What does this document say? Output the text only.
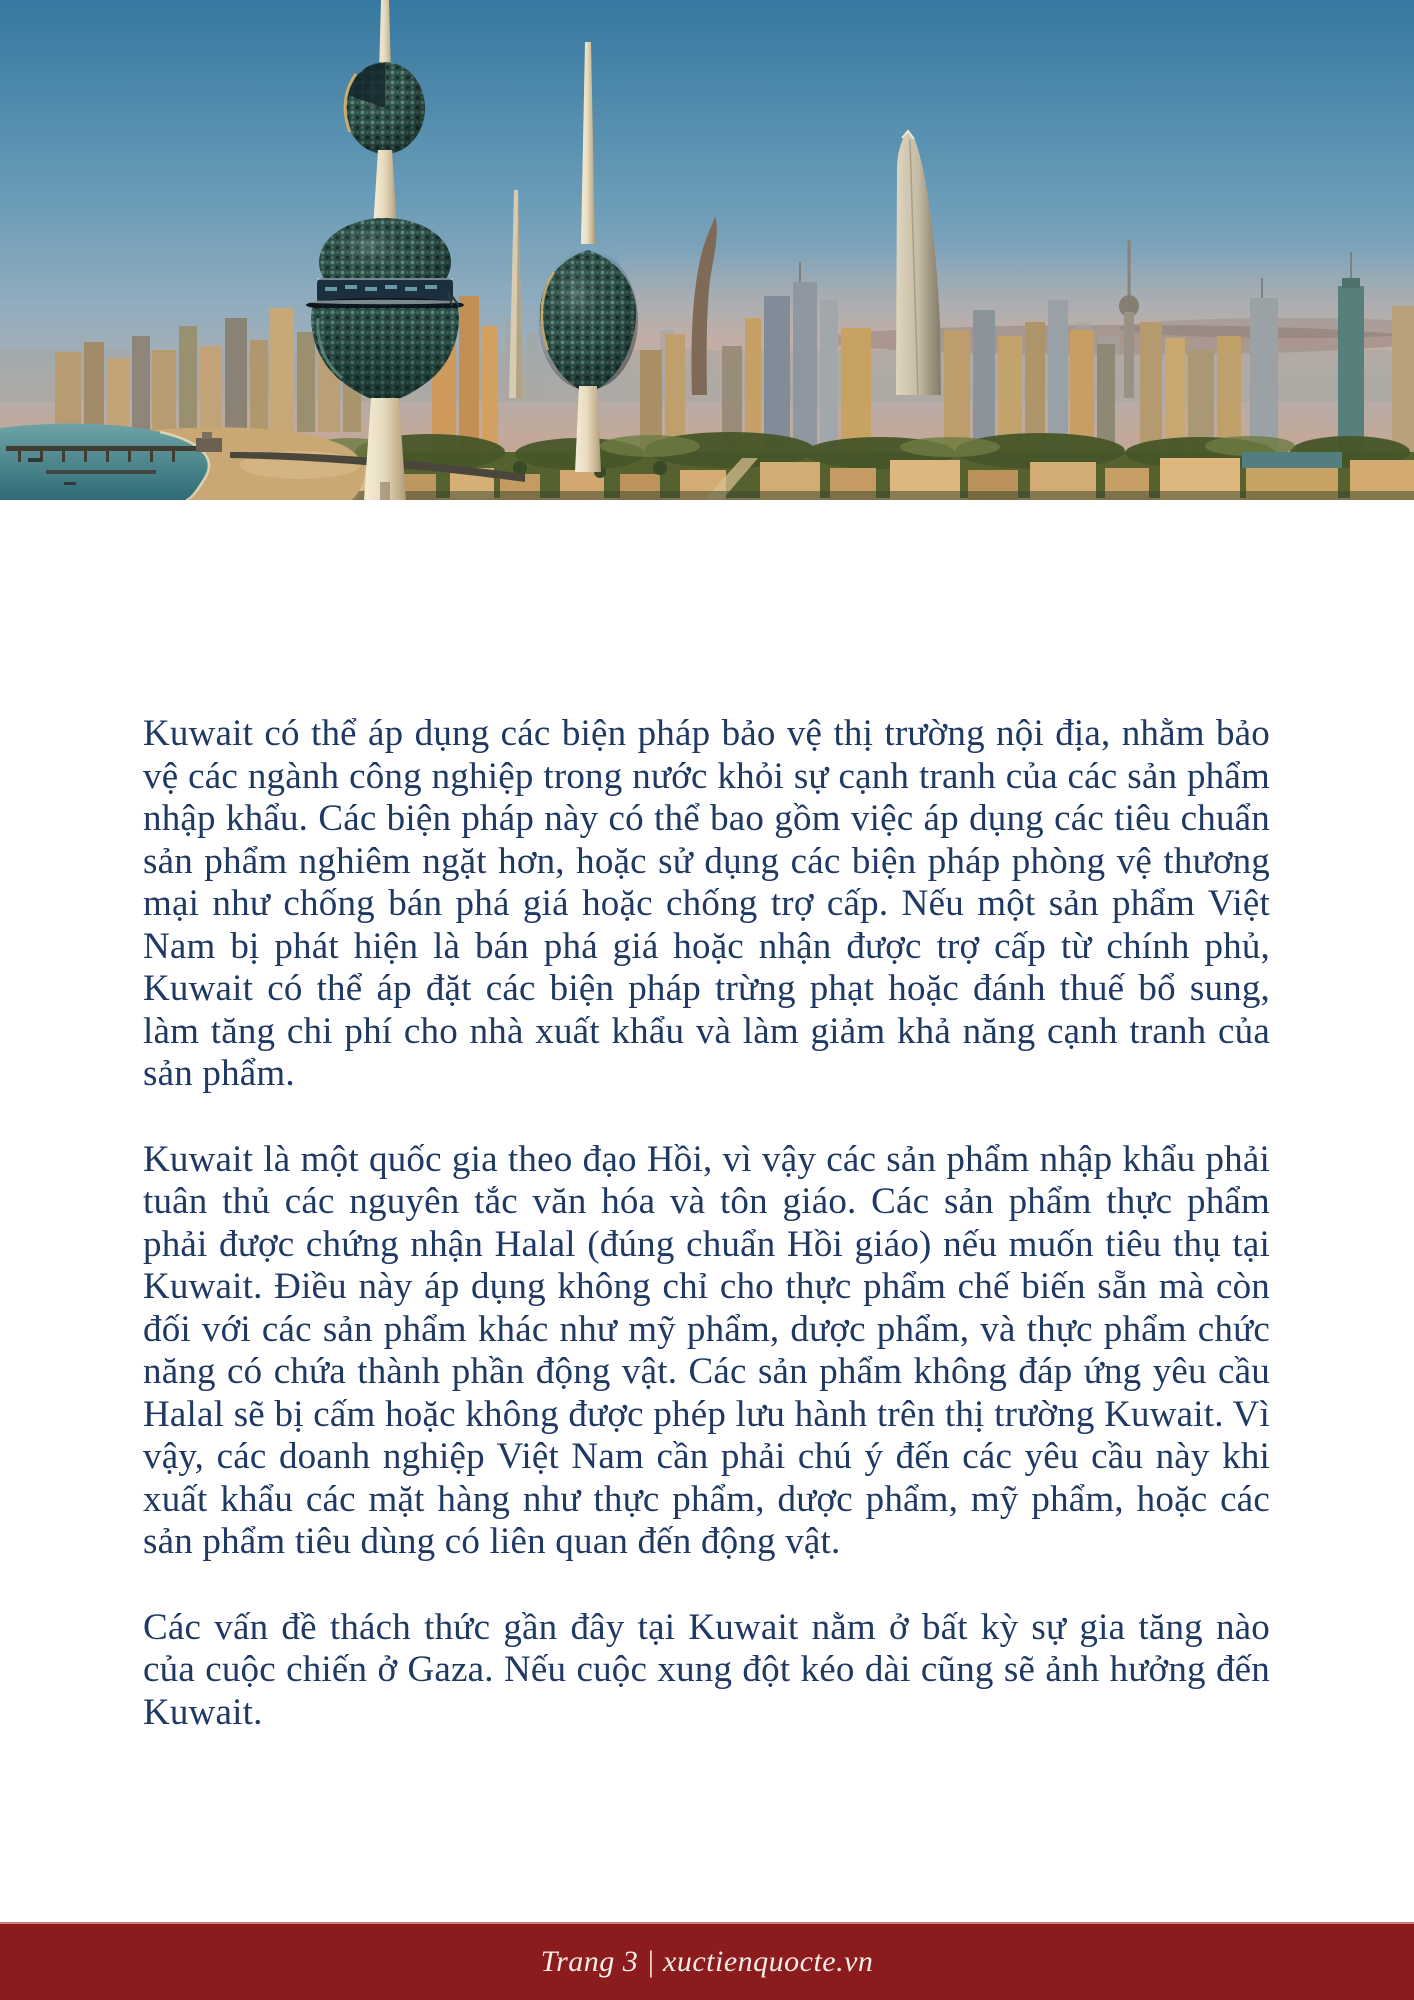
Kuwait có thể áp dụng các biện pháp bảo vệ thị trường nội địa, nhằm bảo vệ các ngành công nghiệp trong nước khỏi sự cạnh tranh của các sản phẩm nhập khẩu. Các biện pháp này có thể bao gồm việc áp dụng các tiêu chuẩn sản phẩm nghiêm ngặt hơn, hoặc sử dụng các biện pháp phòng vệ thương mại như chống bán phá giá hoặc chống trợ cấp. Nếu một sản phẩm Việt Nam bị phát hiện là bán phá giá hoặc nhận được trợ cấp từ chính phủ, Kuwait có thể áp đặt các biện pháp trừng phạt hoặc đánh thuế bổ sung, làm tăng chi phí cho nhà xuất khẩu và làm giảm khả năng cạnh tranh của sản phẩm.

Kuwait là một quốc gia theo đạo Hồi, vì vậy các sản phẩm nhập khẩu phải tuân thủ các nguyên tắc văn hóa và tôn giáo. Các sản phẩm thực phẩm phải được chứng nhận Halal (đúng chuẩn Hồi giáo) nếu muốn tiêu thụ tại Kuwait. Điều này áp dụng không chỉ cho thực phẩm chế biến sẵn mà còn đối với các sản phẩm khác như mỹ phẩm, dược phẩm, và thực phẩm chức năng có chứa thành phần động vật. Các sản phẩm không đáp ứng yêu cầu Halal sẽ bị cấm hoặc không được phép lưu hành trên thị trường Kuwait. Vì vậy, các doanh nghiệp Việt Nam cần phải chú ý đến các yêu cầu này khi xuất khẩu các mặt hàng như thực phẩm, dược phẩm, mỹ phẩm, hoặc các sản phẩm tiêu dùng có liên quan đến động vật.

Các vấn đề thách thức gần đây tại Kuwait nằm ở bất kỳ sự gia tăng nào của cuộc chiến ở Gaza. Nếu cuộc xung đột kéo dài cũng sẽ ảnh hưởng đến Kuwait.

Trang 3 | xuctienquocte.vn
